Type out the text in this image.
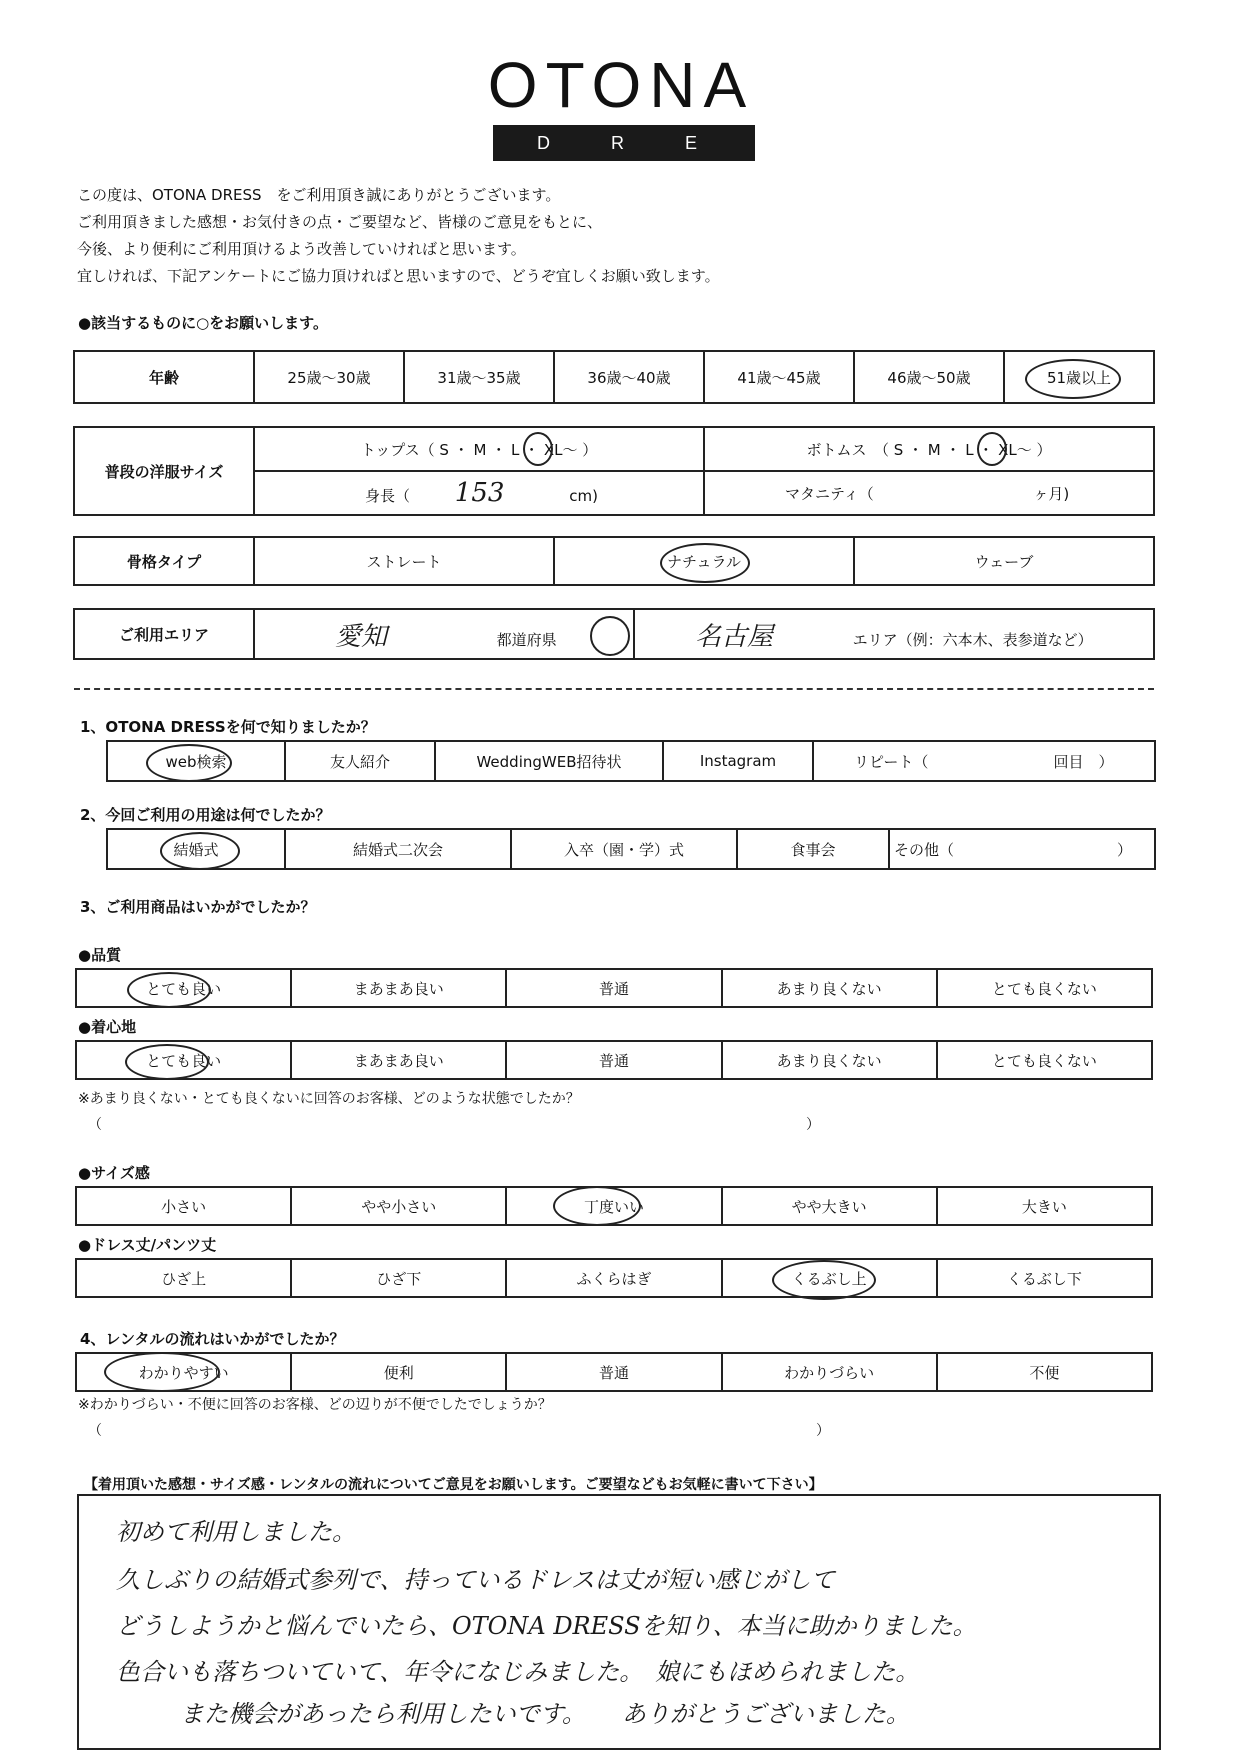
OTONA
D R E S S
この度は、OTONA DRESS　をご利用頂き誠にありがとうございます。
ご利用頂きました感想・お気付きの点・ご要望など、皆様のご意見をもとに、
今後、より便利にご利用頂けるよう改善していければと思います。
宜しければ、下記アンケートにご協力頂ければと思いますので、どうぞ宜しくお願い致します。
●該当するものに○をお願いします。
年齢	25歳～30歳	31歳～35歳	36歳～40歳	41歳～45歳	46歳～50歳	51歳以上
普段の洋服サイズ	トップス（ S ・ M ・ L ・ XL～ ）	ボトムス　（ S ・ M ・ L ・ XL～ ）
	身長（ 153 cm)	マタニティ（ ヶ月)
骨格タイプ	ストレート	ナチュラル	ウェーブ
ご利用エリア	愛知	都道府県	名古屋	エリア（例：六本木、表参道など）
1、OTONA DRESSを何で知りましたか？
web検索	友人紹介	WeddingWEB招待状	Instagram	リピート（	回目　）
2、今回ご利用の用途は何でしたか？
結婚式	結婚式二次会	入卒（園・学）式	食事会	その他（	）
3、ご利用商品はいかがでしたか？
●品質
とても良い	まあまあ良い	普通	あまり良くない	とても良くない
●着心地
とても良い	まあまあ良い	普通	あまり良くない	とても良くない
※あまり良くない・とても良くないに回答のお客様、どのような状態でしたか？
（	）
●サイズ感
小さい	やや小さい	丁度いい	やや大きい	大きい
●ドレス丈/パンツ丈
ひざ上	ひざ下	ふくらはぎ	くるぶし上	くるぶし下
4、レンタルの流れはいかがでしたか？
わかりやすい	便利	普通	わかりづらい	不便
※わかりづらい・不便に回答のお客様、どの辺りが不便でしたでしょうか？
（	）
【着用頂いた感想・サイズ感・レンタルの流れについてご意見をお願いします。ご要望などもお気軽に書いて下さい】
初めて利用しました。
久しぶりの結婚式参列で、持っているドレスは丈が短い感じがして
どうしようかと悩んでいたら、OTONA DRESSを知り、本当に助かりました。
色合いも落ちついていて、年令になじみました。　娘にもほめられました。
また機会があったら利用したいです。　　ありがとうございました。
